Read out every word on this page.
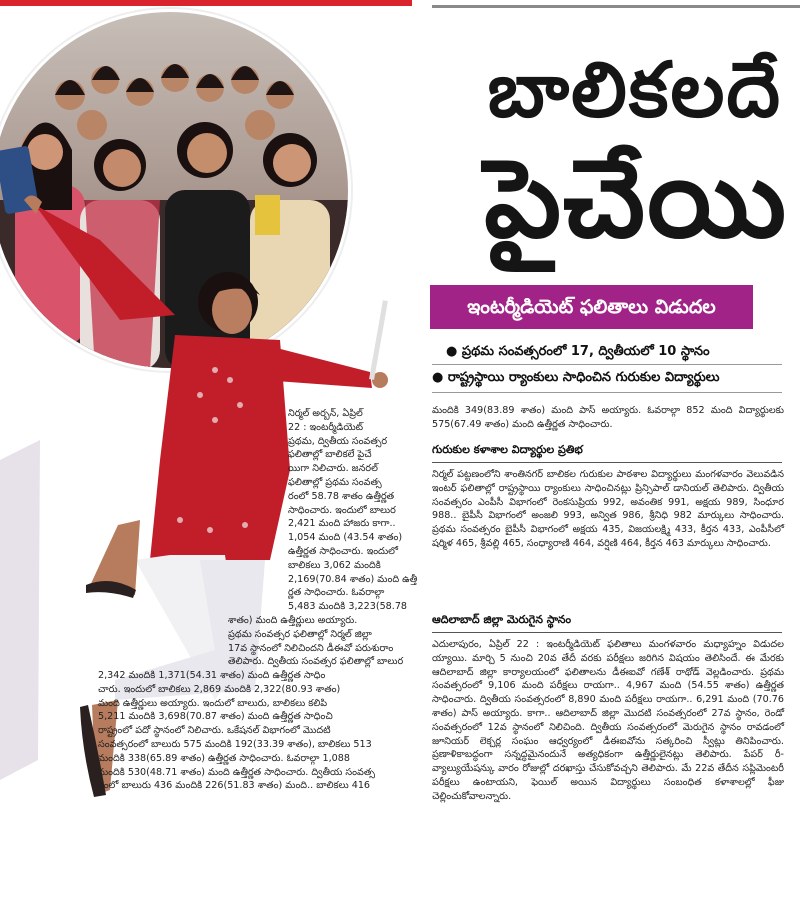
బాలికలదే
పైచేయి
ఇంటర్మీడియెట్ ఫలితాలు విడుదల
● ప్రథమ సంవత్సరంలో 17, ద్వితీయలో 10 స్థానం
● రాష్ట్రస్థాయి ర్యాంకులు సాధించిన గురుకుల విద్యార్థులు
నిర్మల్ అర్బన్, ఏప్రిల్
22 : ఇంటర్మీడియెట్
ప్రథమ, ద్వితీయ సంవత్సర
ఫలితాల్లో బాలికలే పైచే
యిగా నిలిచారు. జనరల్
ఫలితాల్లో ప్రథమ సంవత్స
రంలో 58.78 శాతం ఉత్తీర్ణత
సాధించారు. ఇందులో బాలుర
2,421 మంది హాజరు కాగా..
1,054 మంది (43.54 శాతం)
ఉత్తీర్ణత సాధించారు. ఇందులో
బాలికలు 3,062 మందికి
2,169(70.84 శాతం) మంది ఉత్తీ
ర్ణత సాధించారు. ఓవరాల్గా
5,483 మందికి 3,223(58.78
శాతం) మంది ఉత్తీర్ణులు అయ్యారు.
ప్రథమ సంవత్సర ఫలితాల్లో నిర్మల్ జిల్లా
17వ స్థానంలో నిలిచిందని డీఈవో పరుశురాం
తెలిపారు. ద్వితీయ సంవత్సర ఫలితాల్లో బాలుర
2,342 మందికి 1,371(54.31 శాతం) మంది ఉత్తీర్ణత సాధిం
చారు. ఇందులో బాలికలు 2,869 మందికి 2,322(80.93 శాతం)
మంది ఉత్తీర్ణులు అయ్యారు. ఇందులో బాలురు, బాలికలు కలిపి
5,211 మందికి 3,698(70.87 శాతం) మంది ఉత్తీర్ణత సాధించి
రాష్ట్రంలో పదో స్థానంలో నిలిచారు. ఒకేషనల్ విభాగంలో మొదటి
సంవత్సరంలో బాలురు 575 మందికి 192(33.39 శాతం), బాలికలు 513
మందికి 338(65.89 శాతం) ఉత్తీర్ణత సాధించారు. ఓవరాల్గా 1,088
మందికి 530(48.71 శాతం) మంది ఉత్తీర్ణత సాధించారు. ద్వితీయ సంవత్స
రంలో బాలురు 436 మందికి 226(51.83 శాతం) మంది.. బాలికలు 416
మందికి 349(83.89 శాతం) మంది పాస్ అయ్యారు. ఓవరాల్గా 852 మంది విద్యార్థులకు 575(67.49 శాతం) మంది ఉత్తీర్ణత సాధించారు.
గురుకుల కళాశాల విద్యార్థుల ప్రతిభ
నిర్మల్ పట్టణంలోని శాంతినగర్ బాలికల గురుకుల పాఠశాల విద్యార్థులు మంగళవారం వెలువడిన ఇంటర్ ఫలితాల్లో రాష్ట్రస్థాయి ర్యాంకులు సాధించినట్లు ప్రిన్సిపాల్ డానియల్ తెలిపారు. ద్వితీయ సంవత్సరం ఎంపీసీ విభాగంలో రెంకసుప్రియ 992, అవంతిక 991, అక్షయ 989, సింధూర 988.. బైపీసీ విభాగంలో అంజలి 993, అన్విత 986, శ్రీనిధి 982 మార్కులు సాధించారు. ప్రథమ సంవత్సరం బైపీసీ విభాగంలో అక్షయ 435, విజయలక్ష్మి 433, కీర్తన 433, ఎంపీసీలో షర్మిళ 465, శ్రీవల్లి 465, సంధ్యారాణి 464, వర్షిణి 464, కీర్తన 463 మార్కులు సాధించారు.
ఆదిలాబాద్ జిల్లా మెరుగైన స్థానం
ఎదులాపురం, ఏప్రిల్ 22 : ఇంటర్మీడియెట్ ఫలితాలు మంగళవారం మధ్యాహ్నం విడుదల య్యాయి. మార్చి 5 నుంచి 20వ తేదీ వరకు పరీక్షలు జరిగిన విషయం తెలిసిందే. ఈ మేరకు ఆదిలాబాద్ జిల్లా కార్యాలయంలో ఫలితాలను డీఈఐవో గణేశ్ రాథోడ్ వెల్లడించారు. ప్రథమ సంవత్సరంలో 9,106 మంది పరీక్షలు రాయగా.. 4,967 మంది (54.55 శాతం) ఉత్తీర్ణత సాధించారు. ద్వితీయ సంవత్సరంలో 8,890 మంది పరీక్షలు రాయగా.. 6,291 మంది (70.76 శాతం) పాస్ అయ్యారు. కాగా.. ఆదిలాబాద్ జిల్లా మొదటి సంవత్సరంలో 27వ స్థానం, రెండో సంవత్సరంలో 12వ స్థానంలో నిలిచింది. ద్వితీయ సంవత్సరంలో మెరుగైన స్థానం రావడంలో జూనియర్ లెక్చర్ల సంఘం ఆధ్వర్యంలో డీఈఐవోను సత్కరించి స్వీట్లు తినిపించారు. ప్రణాళికాబద్ధంగా సన్నద్ధమైనందునే అత్యధికంగా ఉత్తీర్ణులైనట్లు తెలిపారు. పేపర్ రీ-వ్యాల్యుయేషన్కు వారం రోజుల్లో దరఖాస్తు చేసుకోవచ్చని తెలిపారు. మే 22వ తేదీన సప్లిమెంటరీ పరీక్షలు ఉంటాయని, ఫెయిల్ అయిన విద్యార్థులు సంబంధిత కళాశాలల్లో ఫీజు చెల్లించుకోవాలన్నారు.
